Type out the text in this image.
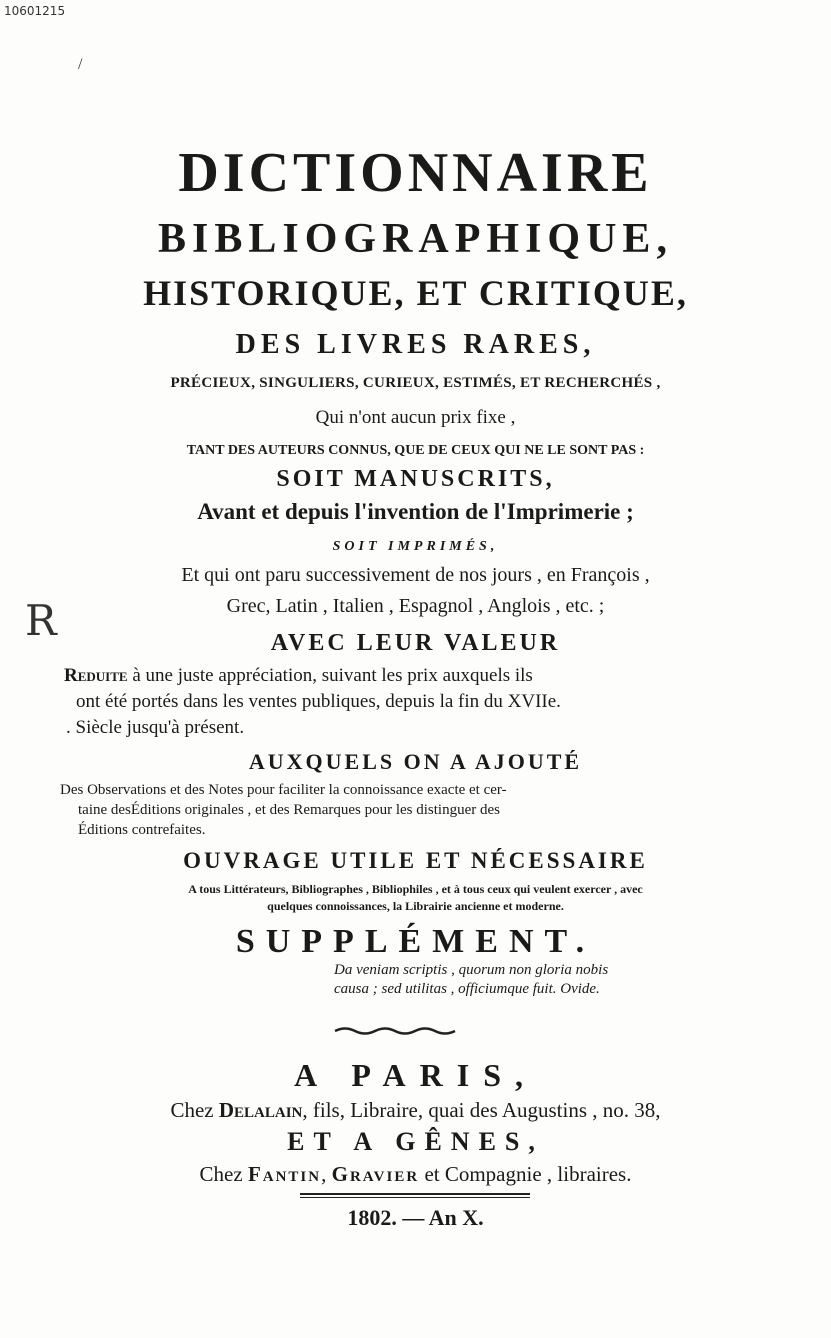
10601215
/
R
DICTIONNAIRE
BIBLIOGRAPHIQUE,
HISTORIQUE, ET CRITIQUE,
DES LIVRES RARES,
PRÉCIEUX, SINGULIERS, CURIEUX, ESTIMÉS, ET RECHERCHÉS ,
Qui n'ont aucun prix fixe ,
TANT DES AUTEURS CONNUS, QUE DE CEUX QUI NE LE SONT PAS :
SOIT MANUSCRITS,
Avant et depuis l'invention de l'Imprimerie ;
SOIT IMPRIMÉS,
Et qui ont paru successivement de nos jours , en François ,
Grec, Latin , Italien , Espagnol , Anglois , etc. ;
AVEC LEUR VALEUR
Reduite à une juste appréciation, suivant les prix auxquels ils
ont été portés dans les ventes publiques, depuis la fin du XVIIe.
. Siècle jusqu'à présent.
AUXQUELS ON A AJOUTÉ
Des Observations et des Notes pour faciliter la connoissance exacte et cer-
taine desÉditions originales , et des Remarques pour les distinguer des
Éditions contrefaites.
OUVRAGE UTILE ET NÉCESSAIRE
A tous Littérateurs, Bibliographes , Bibliophiles , et à tous ceux qui veulent exercer , avec
quelques connoissances, la Librairie ancienne et moderne.
SUPPLÉMENT.
Da veniam scriptis , quorum non gloria nobis
causa ; sed utilitas , officiumque fuit. Ovide.
A PARIS,
Chez Delalain, fils, Libraire, quai des Augustins , no. 38,
ET A GÊNES,
Chez Fantin, Gravier et Compagnie , libraires.
1802. — An X.
